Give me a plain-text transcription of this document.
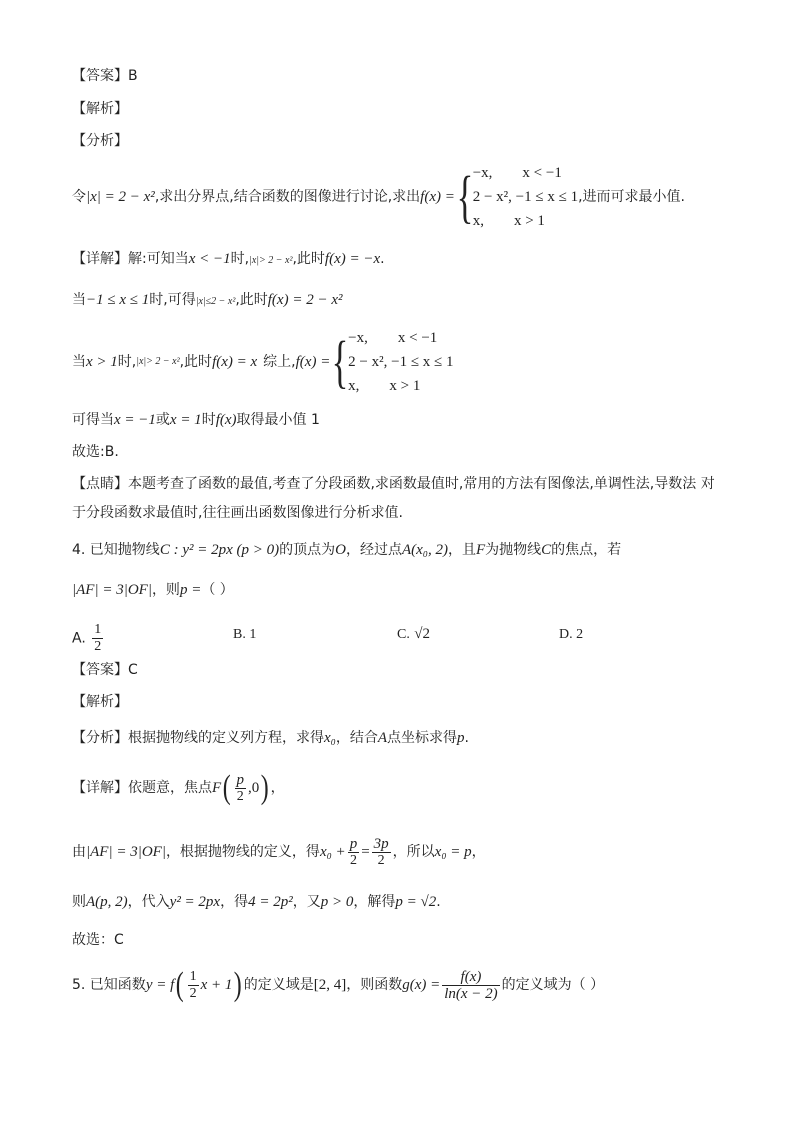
【答案】B
【解析】
【分析】
令 |x| = 2 − x² ,求出分界点,结合函数的图像进行讨论,求出 f(x) = { −x,        x < −1
2 − x², −1 ≤ x ≤ 1
x,        x > 1
,进而可求最小值.
【详解】解:可知当x < −1时,|x|> 2 − x²,此时f(x) = −x.
当−1 ≤ x ≤ 1时,可得|x|≤2 − x²,此时f(x) = 2 − x²
当 x > 1 时, |x|> 2 − x² ,此时 f(x) = x 综上, f(x) = { −x,        x < −1
2 − x², −1 ≤ x ≤ 1
x,        x > 1
可得当x = −1或x = 1时f(x)取得最小值 1
故选:B.
【点睛】本题考查了函数的最值,考查了分段函数,求函数最值时,常用的方法有图像法,单调性法,导数法 对
于分段函数求最值时,往往画出函数图像进行分析求值.
4. 已知抛物线C : y² = 2px (p > 0)的顶点为O，经过点A(x₀, 2)，且F为抛物线C的焦点，若
|AF| = 3|OF|，则p =（ ）
A. $\frac{1}{2}$	B. 1	C. √2	D. 2
【答案】C
【解析】
【分析】根据抛物线的定义列方程，求得x₀，结合A点坐标求得p.
【详解】依题意，焦点 F ( $\frac{p}{2} ,0$ ) ，
由 |AF| = 3|OF| ，根据抛物线的定义，得 $x_0 + \frac{p}{2} = \frac{3p}{2}$ ，所以 x₀ = p ，
则A(p, 2)，代入y² = 2px，得4 = 2p²，又p > 0，解得p = √2.
故选：C
5. 已知函数 y = f ( $\frac{1}{2}$ x + 1 ) 的定义域是 [2, 4] ，则函数 $g(x) = \frac{f(x)}{\ln(x - 2)}$ 的定义域为（ ）
